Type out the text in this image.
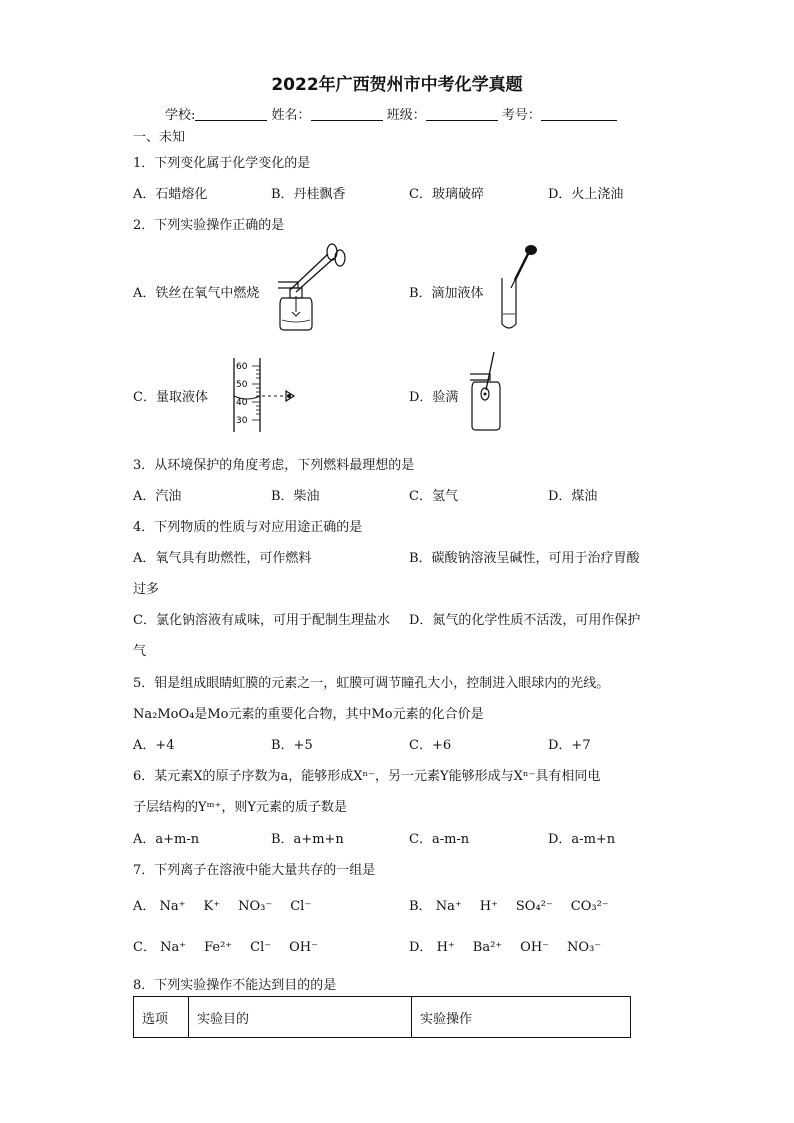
2022年广西贺州市中考化学真题
学校:	姓名：	班级：	考号：
一、未知
1．下列变化属于化学变化的是
A．石蜡熔化	B．丹桂飘香	C．玻璃破碎	D．火上浇油
2．下列实验操作正确的是
A．铁丝在氧气中燃烧	B．滴加液体
C．量取液体	D．验满
60
50
40
30
3．从环境保护的角度考虑，下列燃料最理想的是
A．汽油	B．柴油	C．氢气	D．煤油
4．下列物质的性质与对应用途正确的是
A．氧气具有助燃性，可作燃料	B．碳酸钠溶液呈碱性，可用于治疗胃酸
过多
C．氯化钠溶液有咸味，可用于配制生理盐水 D．氮气的化学性质不活泼，可用作保护
气
5．钼是组成眼睛虹膜的元素之一，虹膜可调节瞳孔大小，控制进入眼球内的光线。
Na₂MoO₄是Mo元素的重要化合物，其中Mo元素的化合价是
A．+4	B．+5	C．+6	D．+7
6．某元素X的原子序数为a，能够形成Xⁿ⁻，另一元素Y能够形成与Xⁿ⁻具有相同电
子层结构的Yᵐ⁺，则Y元素的质子数是
A．a+m-n	B．a+m+n	C．a-m-n	D．a-m+n
7．下列离子在溶液中能大量共存的一组是
A． Na⁺ K⁺ NO₃⁻ Cl⁻	B． Na⁺ H⁺ SO₄²⁻ CO₃²⁻
C． Na⁺ Fe²⁺ Cl⁻ OH⁻	D． H⁺ Ba²⁺ OH⁻ NO₃⁻
8．下列实验操作不能达到目的的是
选项	实验目的	实验操作
